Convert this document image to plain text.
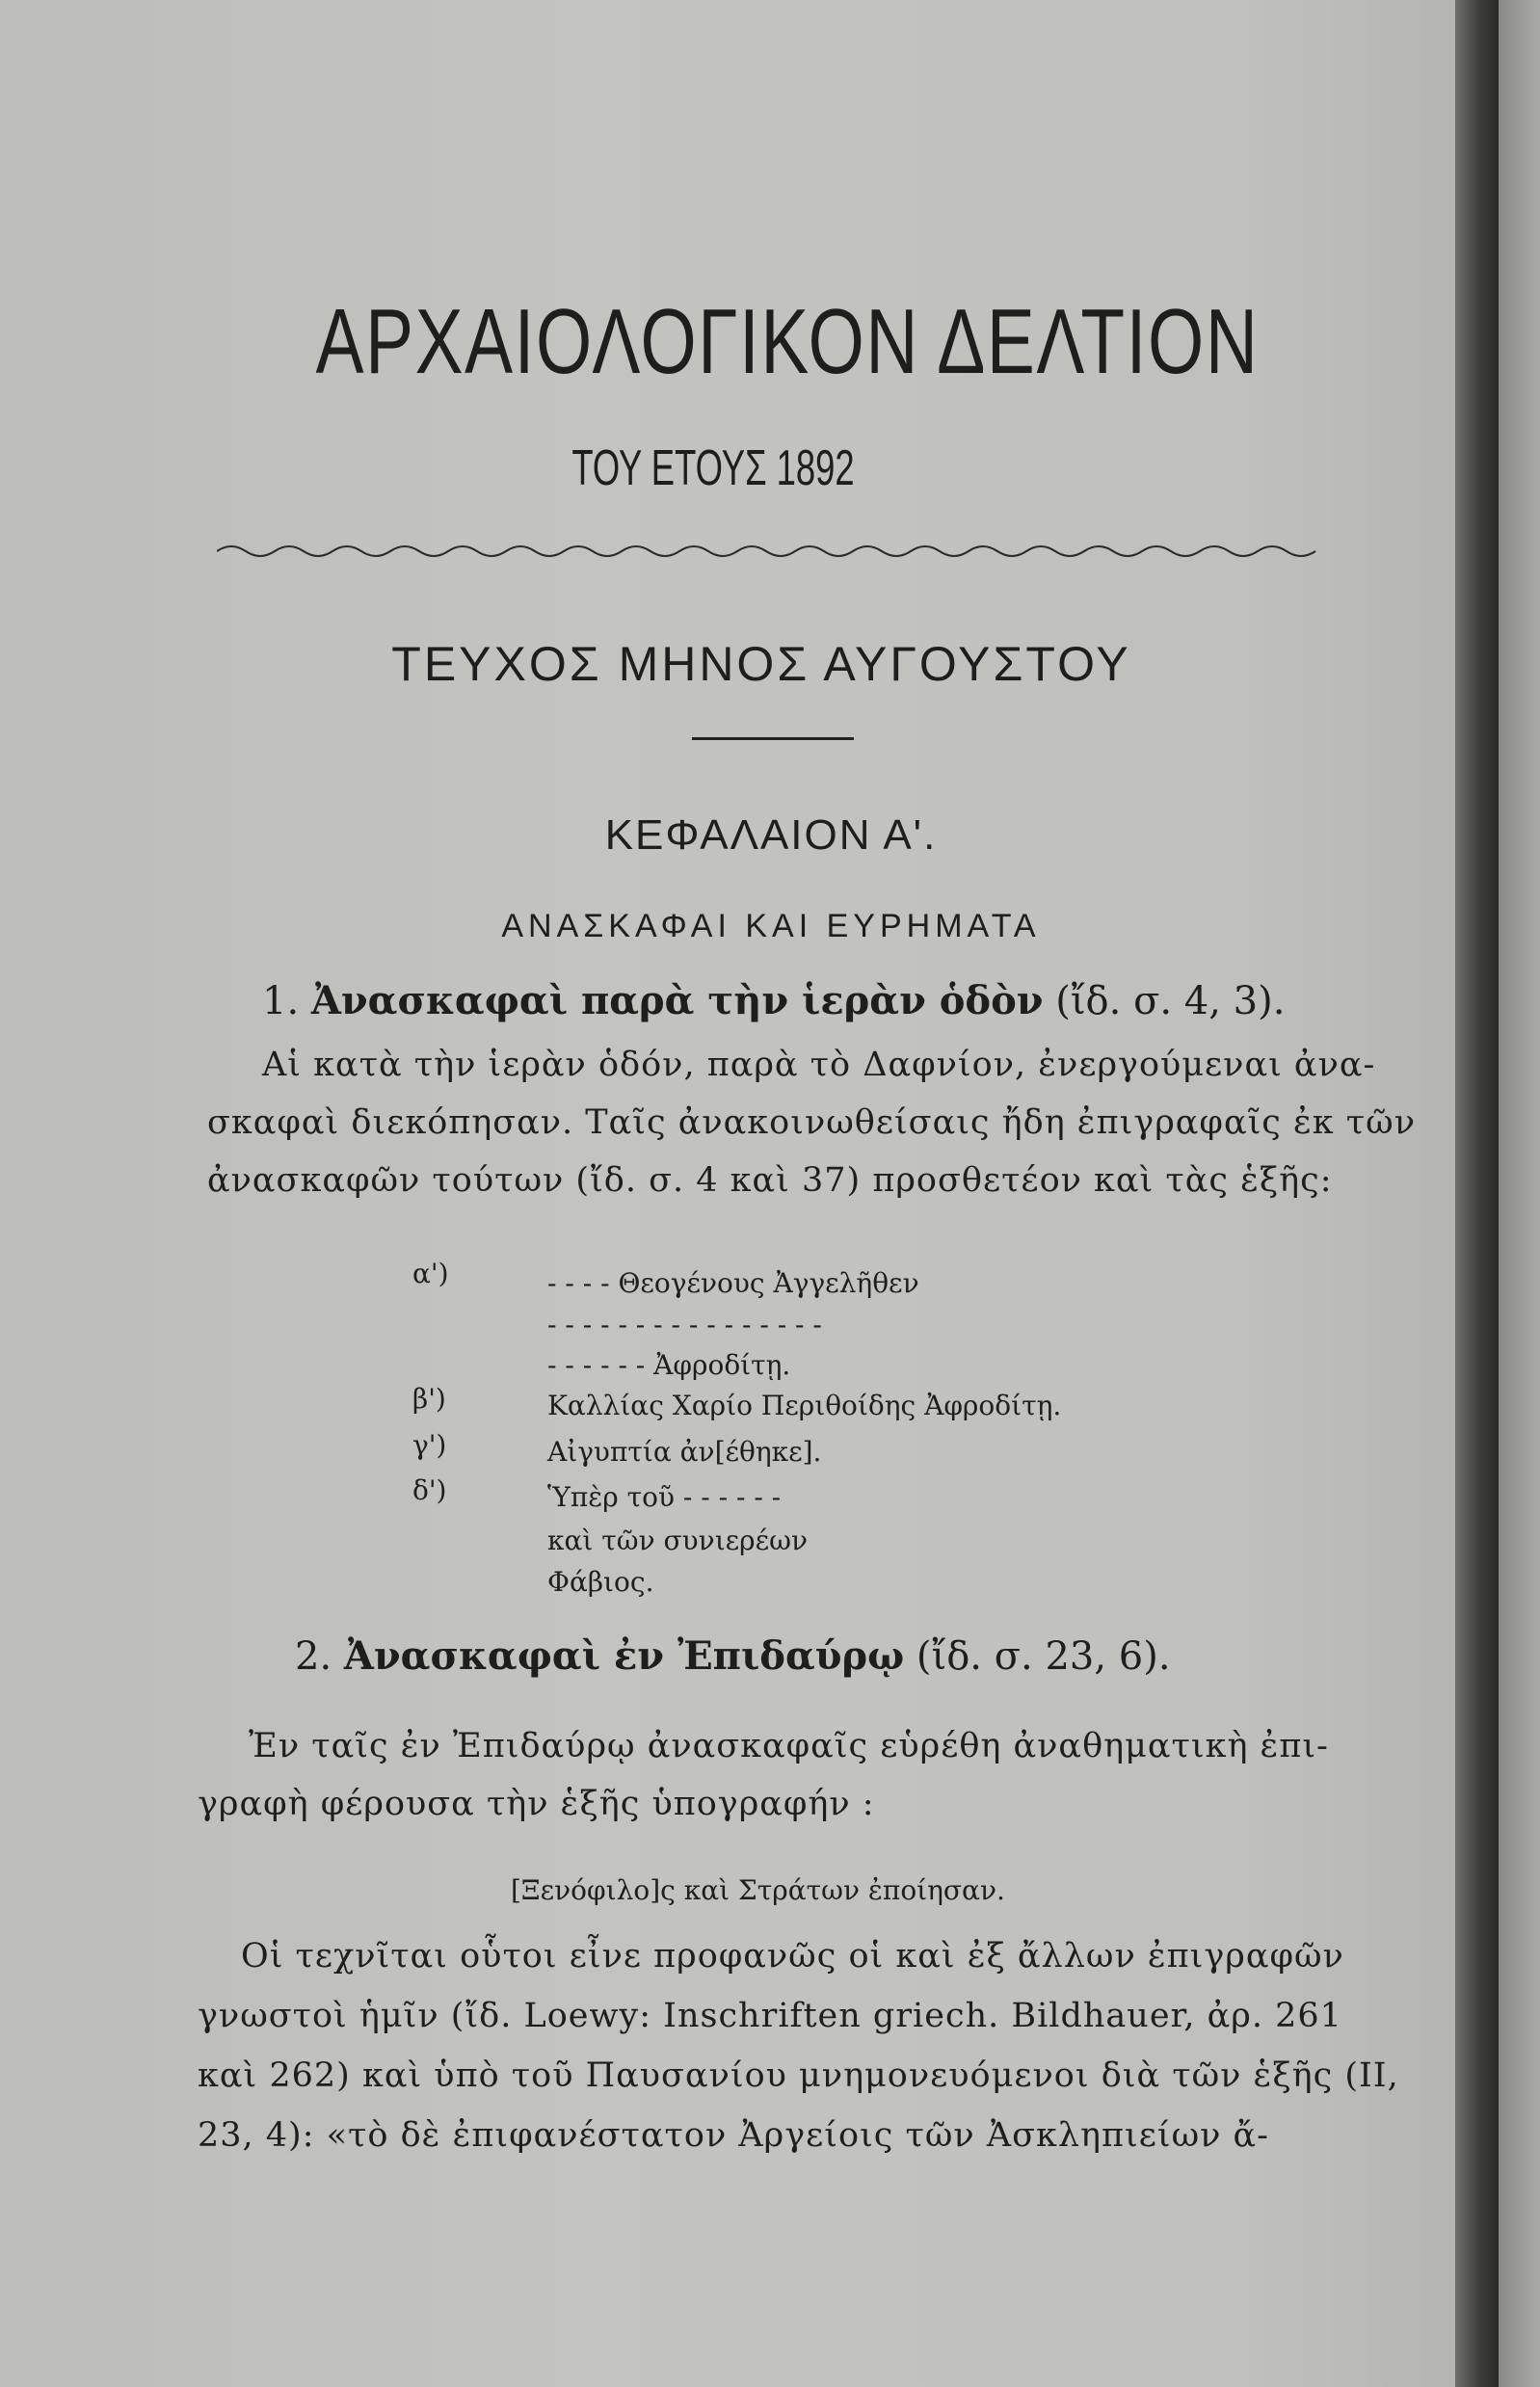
ΑΡΧΑΙΟΛΟΓΙΚΟΝ ΔΕΛΤΙΟΝ
ΤΟΥ ΕΤΟΥΣ 1892
ΤΕΥΧΟΣ ΜΗΝΟΣ ΑΥΓΟΥΣΤΟΥ
ΚΕΦΑΛΑΙΟΝ Α'.
ΑΝΑΣΚΑΦΑΙ ΚΑΙ ΕΥΡΗΜΑΤΑ
1. Ἀνασκαφαὶ παρὰ τὴν ἱερὰν ὁδὸν (ἴδ. σ. 4, 3).
Αἱ κατὰ τὴν ἱερὰν ὁδόν, παρὰ τὸ Δαφνίον, ἐνεργούμεναι ἀνα-
σκαφαὶ διεκόπησαν. Ταῖς ἀνακοινωθείσαις ἤδη ἐπιγραφαῖς ἐκ τῶν
ἀνασκαφῶν τούτων (ἴδ. σ. 4 καὶ 37) προσθετέον καὶ τὰς ἑξῆς:
α')	- - - - Θεογένους Ἀγγελῆθεν
- - - - - - - - - - - - - - - -
- - - - - - Ἀφροδίτῃ.
β')	Καλλίας Χαρίο Περιθοίδης Ἀφροδίτῃ.
γ')	Αἰγυπτία ἀν[έθηκε].
δ')	Ὑπὲρ τοῦ - - - - - -
καὶ τῶν συνιερέων
Φάβιος.
2. Ἀνασκαφαὶ ἐν Ἐπιδαύρῳ (ἴδ. σ. 23, 6).
Ἐν ταῖς ἐν Ἐπιδαύρῳ ἀνασκαφαῖς εὑρέθη ἀναθηματικὴ ἐπι-
γραφὴ φέρουσα τὴν ἑξῆς ὑπογραφήν :
[Ξενόφιλο]ς καὶ Στράτων ἐποίησαν.
Οἱ τεχνῖται οὗτοι εἶνε προφανῶς οἱ καὶ ἐξ ἄλλων ἐπιγραφῶν
γνωστοὶ ἡμῖν (ἴδ. Loewy: Inschriften griech. Bildhauer, ἀρ. 261
καὶ 262) καὶ ὑπὸ τοῦ Παυσανίου μνημονευόμενοι διὰ τῶν ἑξῆς (ΙΙ,
23, 4): «τὸ δὲ ἐπιφανέστατον Ἀργείοις τῶν Ἀσκληπιείων ἄ-
